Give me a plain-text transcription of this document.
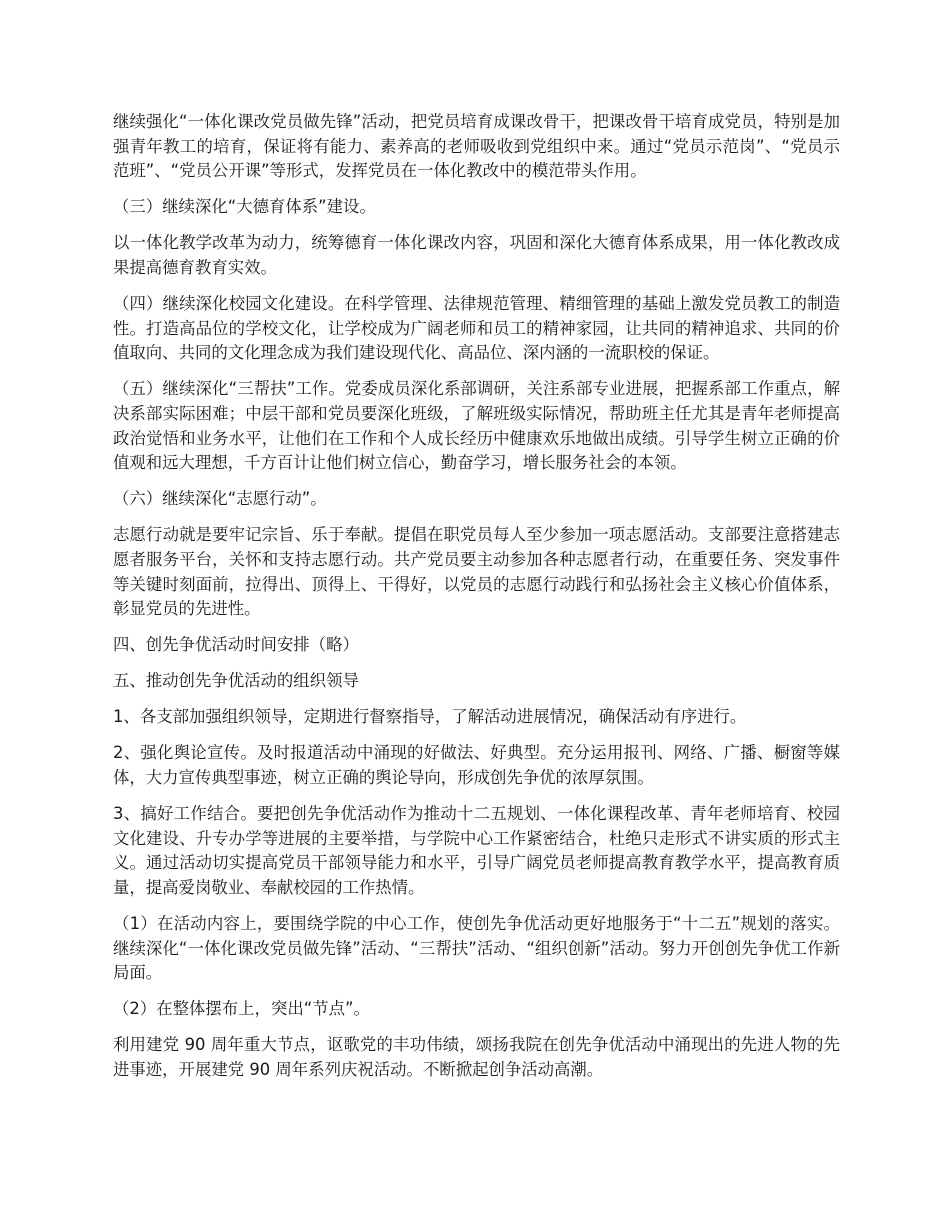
继续强化“一体化课改党员做先锋”活动，把党员培育成课改骨干，把课改骨干培育成党员，特别是加强青年教工的培育，保证将有能力、素养高的老师吸收到党组织中来。通过“党员示范岗”、“党员示范班”、“党员公开课”等形式，发挥党员在一体化教改中的模范带头作用。

（三）继续深化“大德育体系”建设。

以一体化教学改革为动力，统筹德育一体化课改内容，巩固和深化大德育体系成果，用一体化教改成果提高德育教育实效。

（四）继续深化校园文化建设。在科学管理、法律规范管理、精细管理的基础上激发党员教工的制造性。打造高品位的学校文化，让学校成为广阔老师和员工的精神家园，让共同的精神追求、共同的价值取向、共同的文化理念成为我们建设现代化、高品位、深内涵的一流职校的保证。

（五）继续深化“三帮扶”工作。党委成员深化系部调研，关注系部专业进展，把握系部工作重点，解决系部实际困难；中层干部和党员要深化班级，了解班级实际情况，帮助班主任尤其是青年老师提高政治觉悟和业务水平，让他们在工作和个人成长经历中健康欢乐地做出成绩。引导学生树立正确的价值观和远大理想，千方百计让他们树立信心，勤奋学习，增长服务社会的本领。

（六）继续深化“志愿行动”。

志愿行动就是要牢记宗旨、乐于奉献。提倡在职党员每人至少参加一项志愿活动。支部要注意搭建志愿者服务平台，关怀和支持志愿行动。共产党员要主动参加各种志愿者行动，在重要任务、突发事件等关键时刻面前，拉得出、顶得上、干得好，以党员的志愿行动践行和弘扬社会主义核心价值体系，彰显党员的先进性。

四、创先争优活动时间安排（略）

五、推动创先争优活动的组织领导

1、各支部加强组织领导，定期进行督察指导，了解活动进展情况，确保活动有序进行。

2、强化舆论宣传。及时报道活动中涌现的好做法、好典型。充分运用报刊、网络、广播、橱窗等媒体，大力宣传典型事迹，树立正确的舆论导向，形成创先争优的浓厚氛围。

3、搞好工作结合。要把创先争优活动作为推动十二五规划、一体化课程改革、青年老师培育、校园文化建设、升专办学等进展的主要举措，与学院中心工作紧密结合，杜绝只走形式不讲实质的形式主义。通过活动切实提高党员干部领导能力和水平，引导广阔党员老师提高教育教学水平，提高教育质量，提高爱岗敬业、奉献校园的工作热情。

（1）在活动内容上，要围绕学院的中心工作，使创先争优活动更好地服务于“十二五”规划的落实。继续深化“一体化课改党员做先锋”活动、“三帮扶”活动、“组织创新”活动。努力开创创先争优工作新局面。

（2）在整体摆布上，突出“节点”。

利用建党 90 周年重大节点，讴歌党的丰功伟绩，颂扬我院在创先争优活动中涌现出的先进人物的先进事迹，开展建党 90 周年系列庆祝活动。不断掀起创争活动高潮。
